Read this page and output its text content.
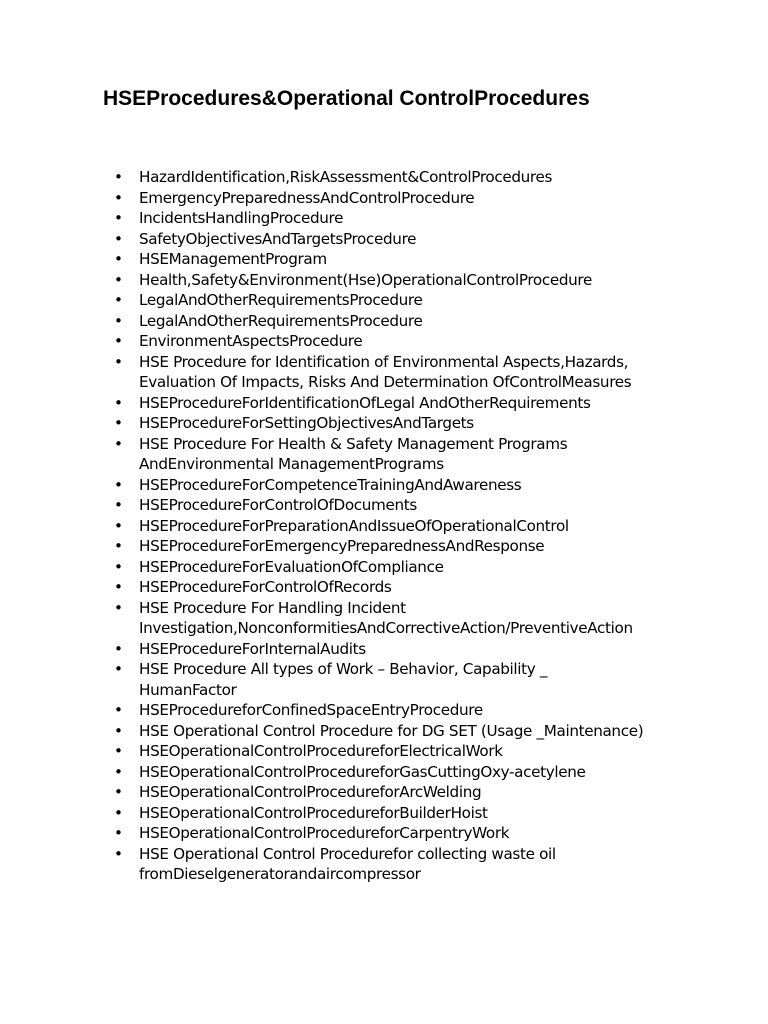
HSEProcedures&Operational ControlProcedures
•	HazardIdentification,RiskAssessment&ControlProcedures
•	EmergencyPreparednessAndControlProcedure
•	IncidentsHandlingProcedure
•	SafetyObjectivesAndTargetsProcedure
•	HSEManagementProgram
•	Health,Safety&Environment(Hse)OperationalControlProcedure
•	LegalAndOtherRequirementsProcedure
•	LegalAndOtherRequirementsProcedure
•	EnvironmentAspectsProcedure
•	HSE Procedure for Identification of Environmental Aspects,Hazards, Evaluation Of Impacts, Risks And Determination OfControlMeasures
•	HSEProcedureForIdentificationOfLegal AndOtherRequirements
•	HSEProcedureForSettingObjectivesAndTargets
•	HSE Procedure For Health & Safety Management Programs AndEnvironmental ManagementPrograms
•	HSEProcedureForCompetenceTrainingAndAwareness
•	HSEProcedureForControlOfDocuments
•	HSEProcedureForPreparationAndIssueOfOperationalControl
•	HSEProcedureForEmergencyPreparednessAndResponse
•	HSEProcedureForEvaluationOfCompliance
•	HSEProcedureForControlOfRecords
•	HSE Procedure For Handling Incident Investigation,NonconformitiesAndCorrectiveAction/PreventiveAction
•	HSEProcedureForInternalAudits
•	HSE Procedure All types of Work – Behavior, Capability _ HumanFactor
•	HSEProcedureforConfinedSpaceEntryProcedure
•	HSE Operational Control Procedure for DG SET (Usage _Maintenance)
•	HSEOperationalControlProcedureforElectricalWork
•	HSEOperationalControlProcedureforGasCuttingOxy-acetylene
•	HSEOperationalControlProcedureforArcWelding
•	HSEOperationalControlProcedureforBuilderHoist
•	HSEOperationalControlProcedureforCarpentryWork
•	HSE Operational Control Procedurefor collecting waste oil fromDieselgeneratorandaircompressor
